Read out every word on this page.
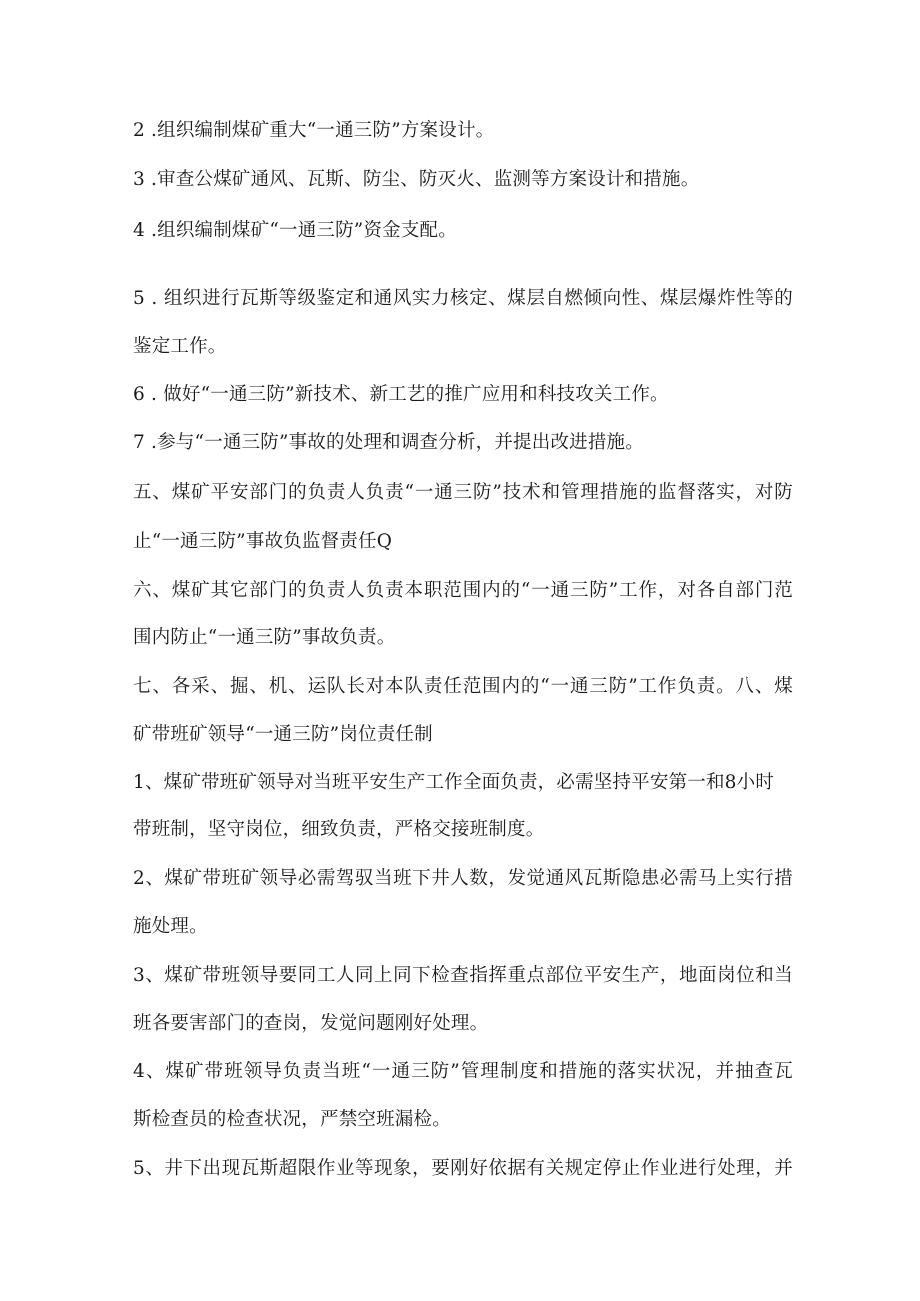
2 .组织编制煤矿重大“一通三防”方案设计。
3 .审查公煤矿通风、瓦斯、防尘、防灭火、监测等方案设计和措施。
4 .组织编制煤矿“一通三防”资金支配。
5 . 组织进行瓦斯等级鉴定和通风实力核定、煤层自燃倾向性、煤层爆炸性等的
鉴定工作。
6 . 做好“一通三防”新技术、新工艺的推广应用和科技攻关工作。
7 .参与“一通三防”事故的处理和调查分析，并提出改进措施。
五、煤矿平安部门的负责人负责“一通三防”技术和管理措施的监督落实，对防
止“一通三防”事故负监督责任Q
六、煤矿其它部门的负责人负责本职范围内的“一通三防”工作，对各自部门范
围内防止“一通三防”事故负责。
七、各采、掘、机、运队长对本队责任范围内的“一通三防”工作负责。八、煤
矿带班矿领导“一通三防”岗位责任制
1、煤矿带班矿领导对当班平安生产工作全面负责，必需坚持平安第一和8小时
带班制，坚守岗位，细致负责，严格交接班制度。
2、煤矿带班矿领导必需驾驭当班下井人数，发觉通风瓦斯隐患必需马上实行措
施处理。
3、煤矿带班领导要同工人同上同下检查指挥重点部位平安生产，地面岗位和当
班各要害部门的查岗，发觉问题刚好处理。
4、煤矿带班领导负责当班“一通三防”管理制度和措施的落实状况，并抽查瓦
斯检查员的检查状况，严禁空班漏检。
5、井下出现瓦斯超限作业等现象，要刚好依据有关规定停止作业进行处理，并
